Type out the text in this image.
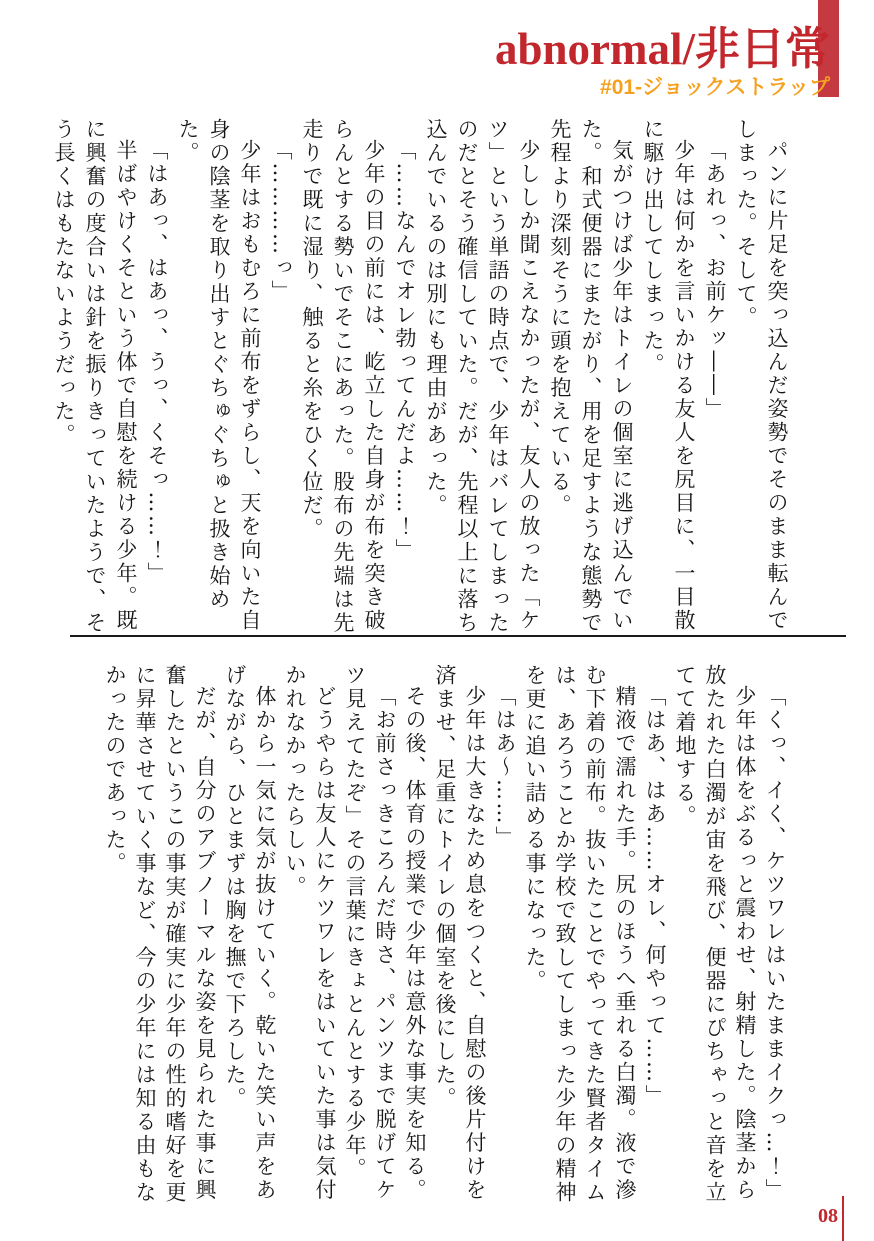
abnormal/非日常
#01-ジョックストラップ

パンに片足を突っ込んだ姿勢でそのまま転んでしまった。そして。

「あれっ、お前ケッ――」

少年は何かを言いかける友人を尻目に、一目散に駆け出してしまった。

気がつけば少年はトイレの個室に逃げ込んでいた。和式便器にまたがり、用を足すような態勢で先程より深刻そうに頭を抱えている。

少ししか聞こえなかったが、友人の放った「ケツ」という単語の時点で、少年はバレてしまったのだとそう確信していた。だが、先程以上に落ち込んでいるのは別にも理由があった。

「……なんでオレ勃ってんだよ……！」

少年の目の前には、屹立した自身が布を突き破らんとする勢いでそこにあった。股布の先端は先走りで既に湿り、触ると糸をひく位だ。

「…………っ」

少年はおもむろに前布をずらし、天を向いた自身の陰茎を取り出すとぐちゅぐちゅと扱き始めた。

「はあっ、はあっ、うっ、くそっ……！」

半ばやけくそという体で自慰を続ける少年。既に興奮の度合いは針を振りきっていたようで、そう長くはもたないようだった。

「くっ、イく、ケツワレはいたままイクっ…！」

少年は体をぶるっと震わせ、射精した。陰茎から放たれた白濁が宙を飛び、便器にぴちゃっと音を立てて着地する。

「はあ、はあ……オレ、何やって……」

精液で濡れた手。尻のほうへ垂れる白濁。液で滲む下着の前布。抜いたことでやってきた賢者タイムは、あろうことか学校で致してしまった少年の精神を更に追い詰める事になった。

「はあ〜……」

少年は大きなため息をつくと、自慰の後片付けを済ませ、足重にトイレの個室を後にした。

その後、体育の授業で少年は意外な事実を知る。

「お前さっきころんだ時さ、パンツまで脱げてケツ見えてたぞ」その言葉にきょとんとする少年。

どうやらは友人にケツワレをはいていた事は気付かれなかったらしい。

体から一気に気が抜けていく。乾いた笑い声をあげながら、ひとまずは胸を撫で下ろした。

だが、自分のアブノーマルな姿を見られた事に興奮したというこの事実が確実に少年の性的嗜好を更に昇華させていく事など、今の少年には知る由もなかったのであった。

08
